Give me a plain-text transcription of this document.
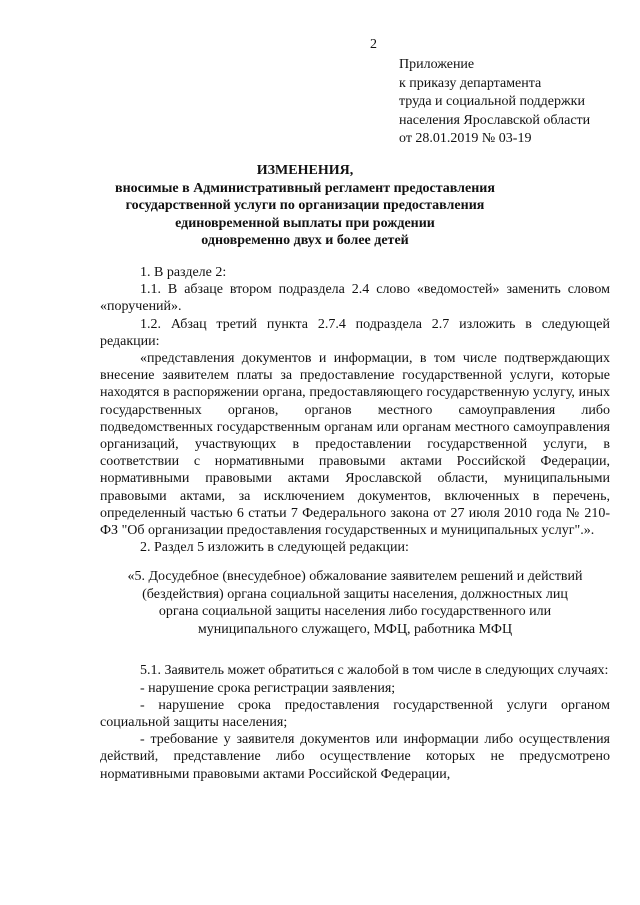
2
Приложение
к приказу департамента
труда и социальной поддержки
населения Ярославской области
от 28.01.2019 № 03-19
ИЗМЕНЕНИЯ,
вносимые в Административный регламент предоставления
государственной услуги по организации предоставления
единовременной выплаты при рождении
одновременно двух и более детей

1. В разделе 2:

1.1. В абзаце втором подраздела 2.4 слово «ведомостей» заменить словом «поручений».

1.2. Абзац третий пункта 2.7.4 подраздела 2.7 изложить в следующей редакции:

«представления документов и информации, в том числе подтверждающих внесение заявителем платы за предоставление государственной услуги, которые находятся в распоряжении органа, предоставляющего государственную услугу, иных государственных органов, органов местного самоуправления либо подведомственных государственным органам или органам местного самоуправления организаций, участвующих в предоставлении государственной услуги, в соответствии с нормативными правовыми актами Российской Федерации, нормативными правовыми актами Ярославской области, муниципальными правовыми актами, за исключением документов, включенных в перечень, определенный частью 6 статьи 7 Федерального закона от 27 июля 2010 года № 210-ФЗ "Об организации предоставления государственных и муниципальных услуг".».

2. Раздел 5 изложить в следующей редакции:

«5. Досудебное (внесудебное) обжалование заявителем решений и действий
(бездействия) органа социальной защиты населения, должностных лиц
органа социальной защиты населения либо государственного или
муниципального служащего, МФЦ, работника МФЦ

5.1. Заявитель может обратиться с жалобой в том числе в следующих случаях:

- нарушение срока регистрации заявления;

- нарушение срока предоставления государственной услуги органом социальной защиты населения;

- требование у заявителя документов или информации либо осуществления действий, представление либо осуществление которых не предусмотрено нормативными правовыми актами Российской Федерации,
